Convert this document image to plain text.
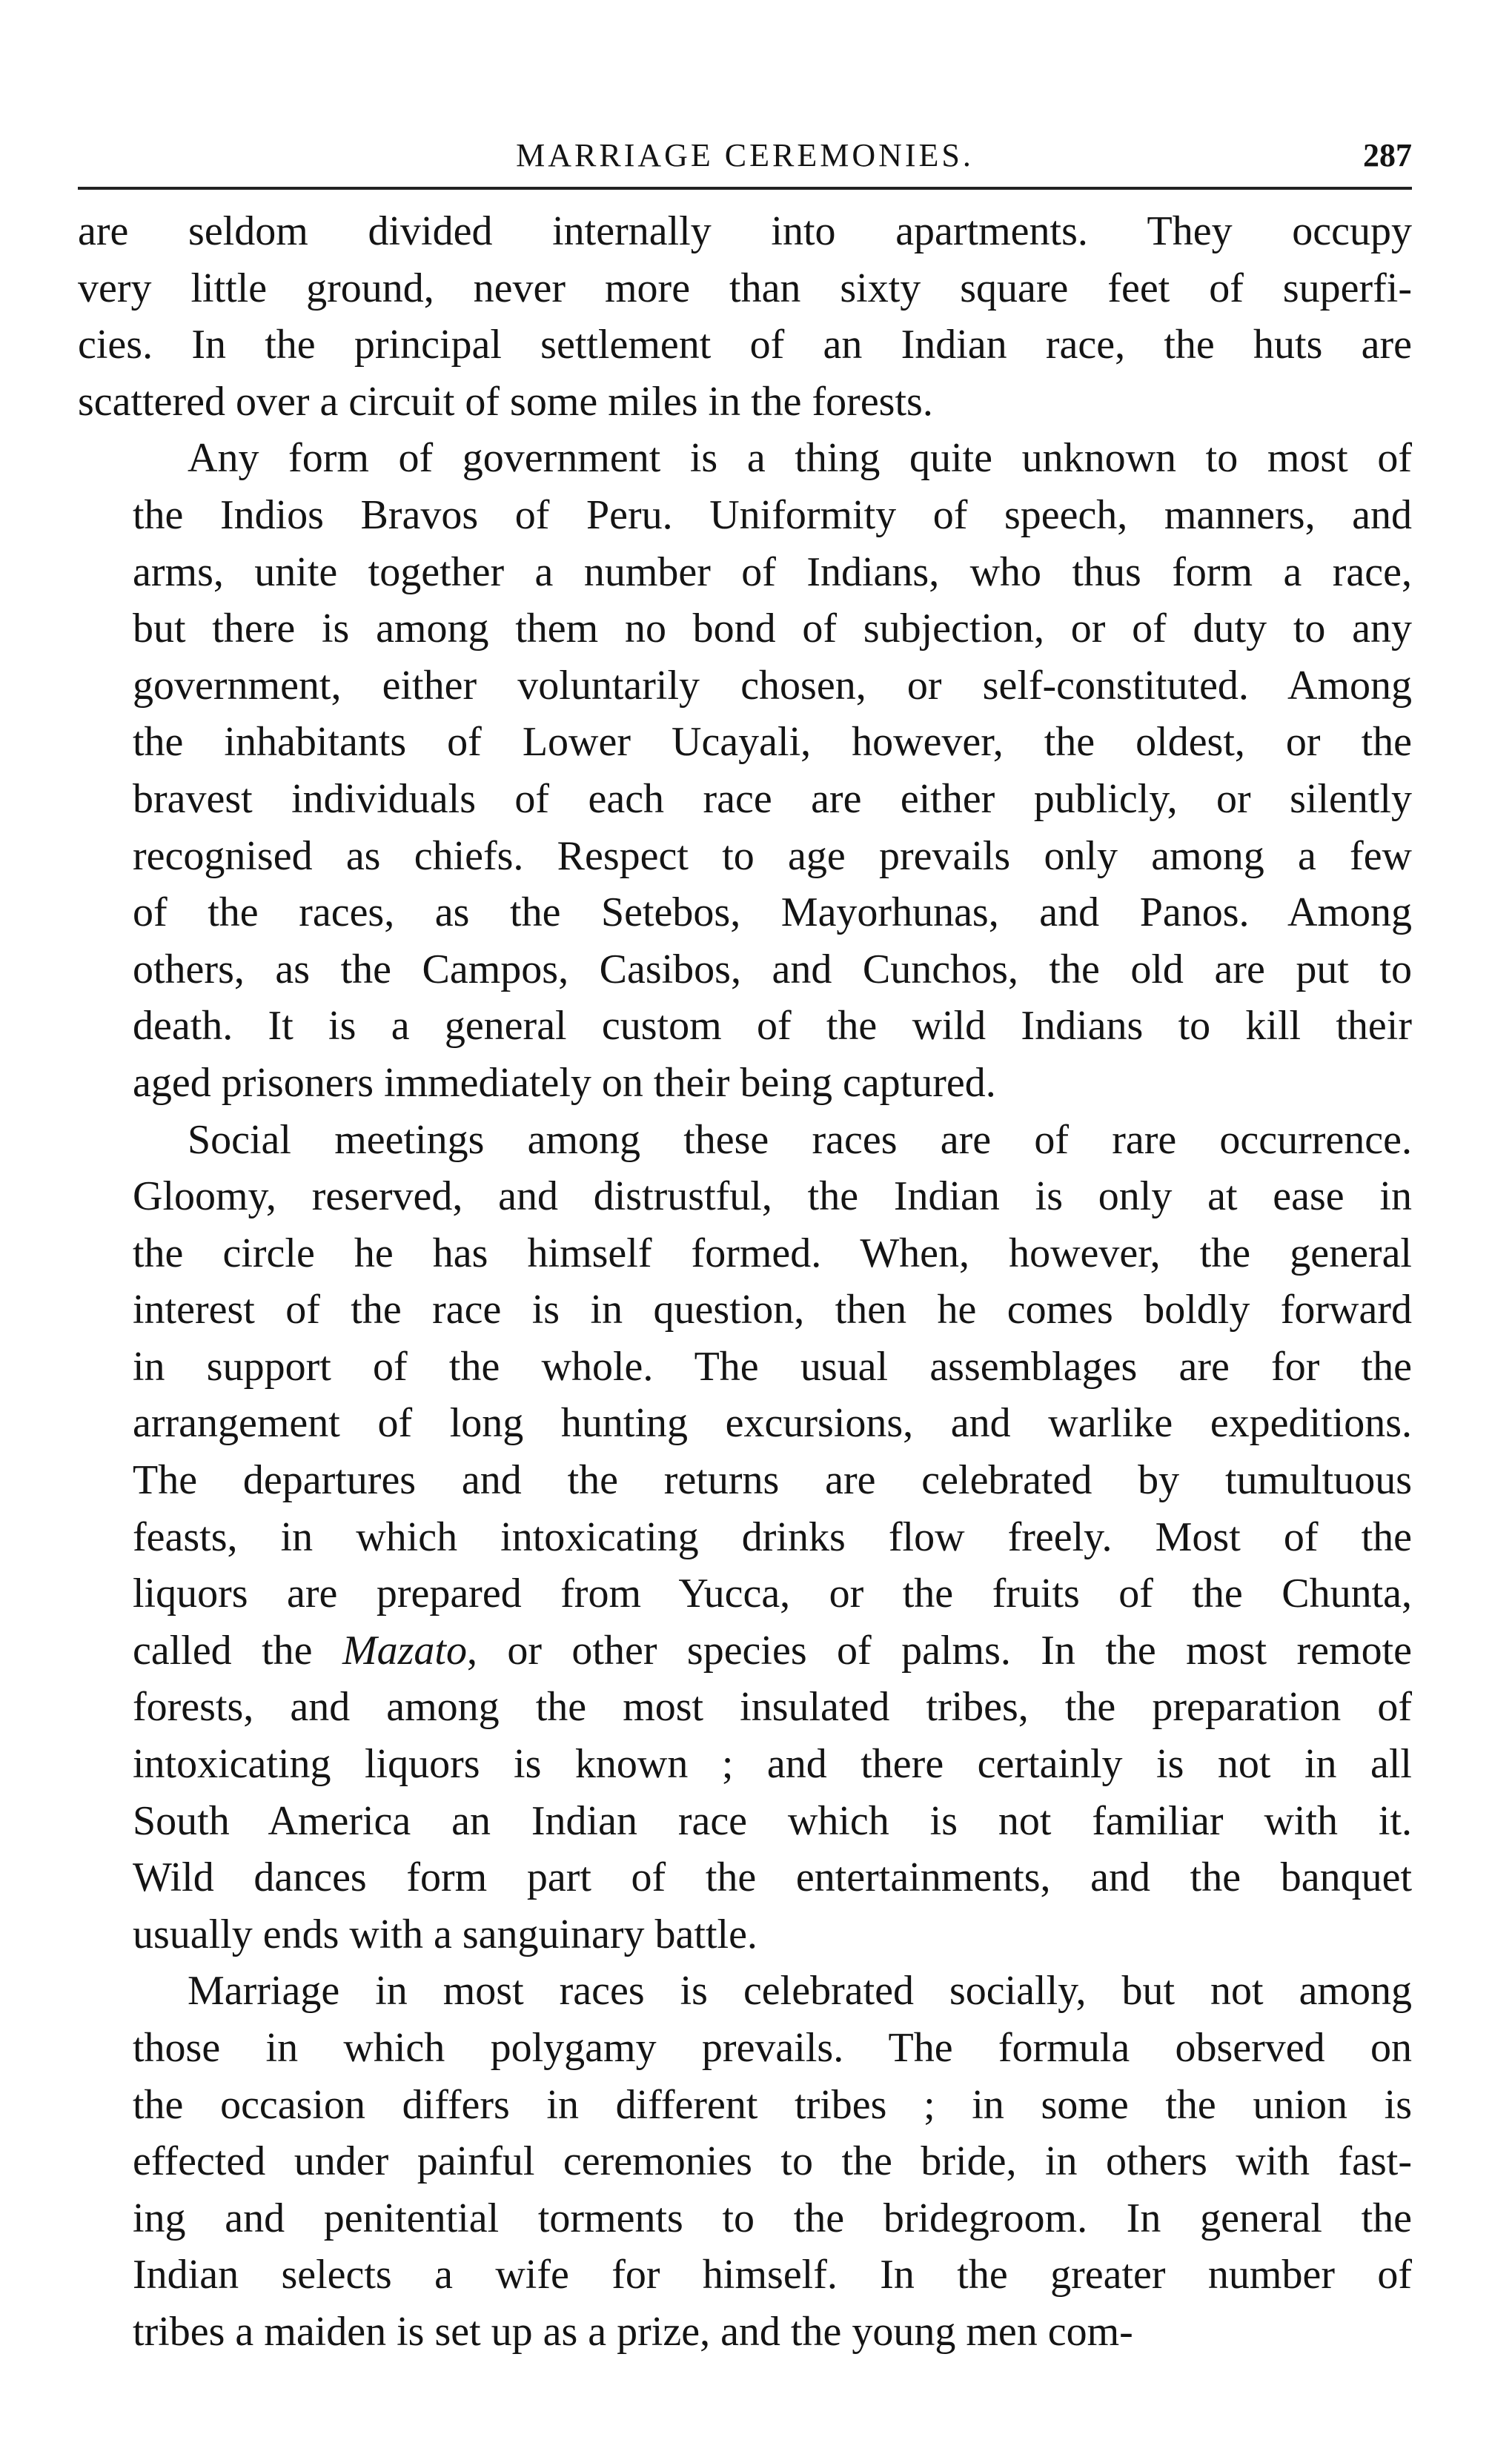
MARRIAGE CEREMONIES.	287

are seldom divided internally into apartments. They occupy
very little ground, never more than sixty square feet of superfi-
cies. In the principal settlement of an Indian race, the huts are
scattered over a circuit of some miles in the forests.

Any form of government is a thing quite unknown to most of
the Indios Bravos of Peru. Uniformity of speech, manners, and
arms, unite together a number of Indians, who thus form a race,
but there is among them no bond of subjection, or of duty to any
government, either voluntarily chosen, or self-constituted. Among
the inhabitants of Lower Ucayali, however, the oldest, or the
bravest individuals of each race are either publicly, or silently
recognised as chiefs. Respect to age prevails only among a few
of the races, as the Setebos, Mayorhunas, and Panos. Among
others, as the Campos, Casibos, and Cunchos, the old are put to
death. It is a general custom of the wild Indians to kill their
aged prisoners immediately on their being captured.

Social meetings among these races are of rare occurrence.
Gloomy, reserved, and distrustful, the Indian is only at ease in
the circle he has himself formed. When, however, the general
interest of the race is in question, then he comes boldly forward
in support of the whole. The usual assemblages are for the
arrangement of long hunting excursions, and warlike expeditions.
The departures and the returns are celebrated by tumultuous
feasts, in which intoxicating drinks flow freely. Most of the
liquors are prepared from Yucca, or the fruits of the Chunta,
called the Mazato, or other species of palms. In the most remote
forests, and among the most insulated tribes, the preparation of
intoxicating liquors is known ; and there certainly is not in all
South America an Indian race which is not familiar with it.
Wild dances form part of the entertainments, and the banquet
usually ends with a sanguinary battle.

Marriage in most races is celebrated socially, but not among
those in which polygamy prevails. The formula observed on
the occasion differs in different tribes ; in some the union is
effected under painful ceremonies to the bride, in others with fast-
ing and penitential torments to the bridegroom. In general the
Indian selects a wife for himself. In the greater number of
tribes a maiden is set up as a prize, and the young men com-
